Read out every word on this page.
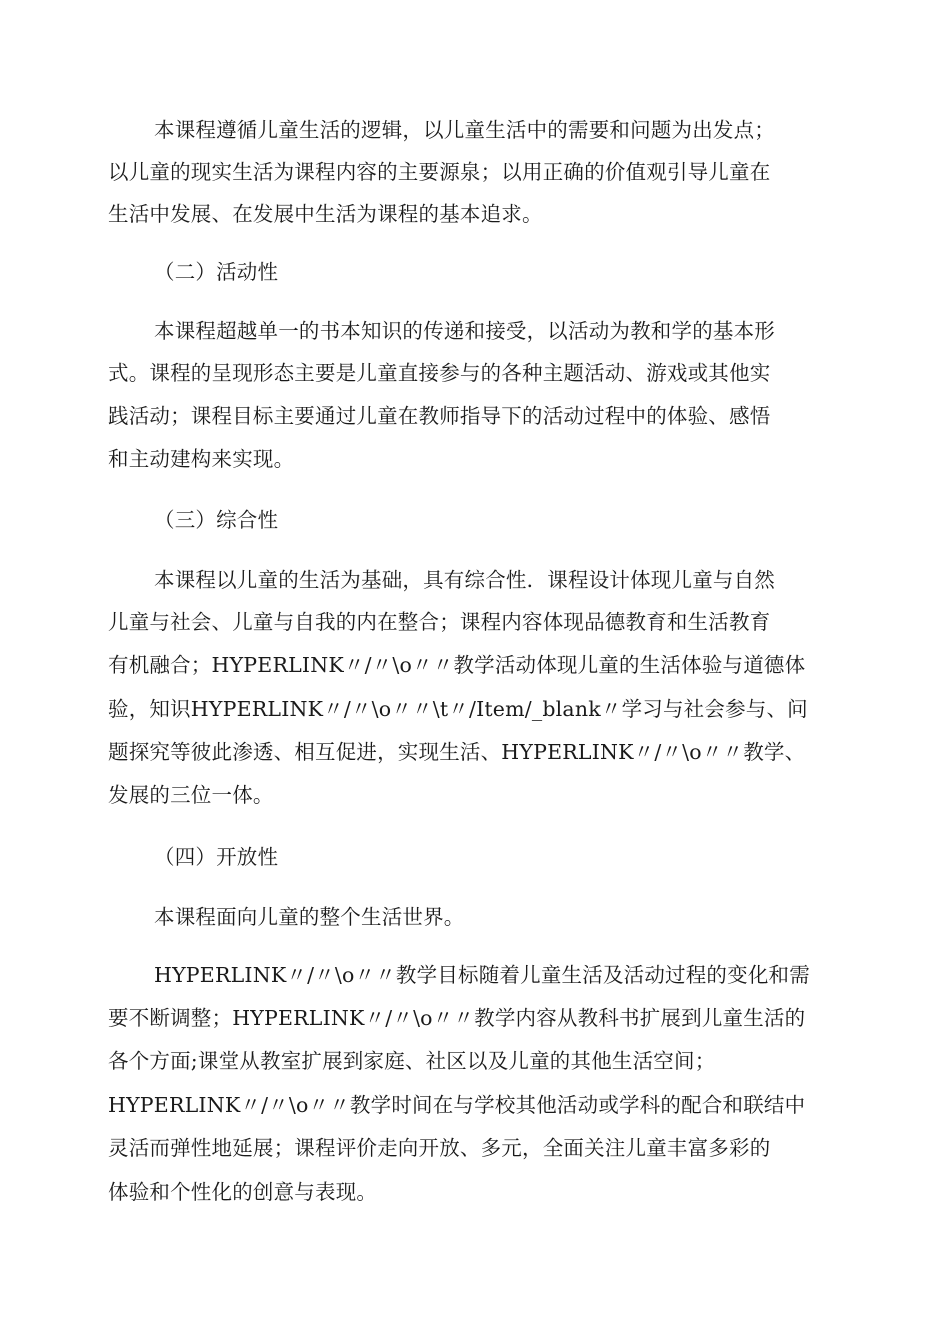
本课程遵循儿童生活的逻辑，以儿童生活中的需要和问题为出发点；
以儿童的现实生活为课程内容的主要源泉；以用正确的价值观引导儿童在
生活中发展、在发展中生活为课程的基本追求。
（二）活动性
本课程超越单一的书本知识的传递和接受，以活动为教和学的基本形
式。课程的呈现形态主要是儿童直接参与的各种主题活动、游戏或其他实
践活动；课程目标主要通过儿童在教师指导下的活动过程中的体验、感悟
和主动建构来实现。
（三）综合性
本课程以儿童的生活为基础，具有综合性．课程设计体现儿童与自然
儿童与社会、儿童与自我的内在整合；课程内容体现品德教育和生活教育
有机融合；HYPERLINK〃/〃\o〃〃教学活动体现儿童的生活体验与道德体
验，知识HYPERLINK〃/〃\o〃〃\t〃/Item/_blank〃学习与社会参与、问
题探究等彼此渗透、相互促进，实现生活、HYPERLINK〃/〃\o〃〃教学、
发展的三位一体。
（四）开放性
本课程面向儿童的整个生活世界。
HYPERLINK〃/〃\o〃〃教学目标随着儿童生活及活动过程的变化和需
要不断调整；HYPERLINK〃/〃\o〃〃教学内容从教科书扩展到儿童生活的
各个方面;课堂从教室扩展到家庭、社区以及儿童的其他生活空间；
HYPERLINK〃/〃\o〃〃教学时间在与学校其他活动或学科的配合和联结中
灵活而弹性地延展；课程评价走向开放、多元，全面关注儿童丰富多彩的
体验和个性化的创意与表现。
